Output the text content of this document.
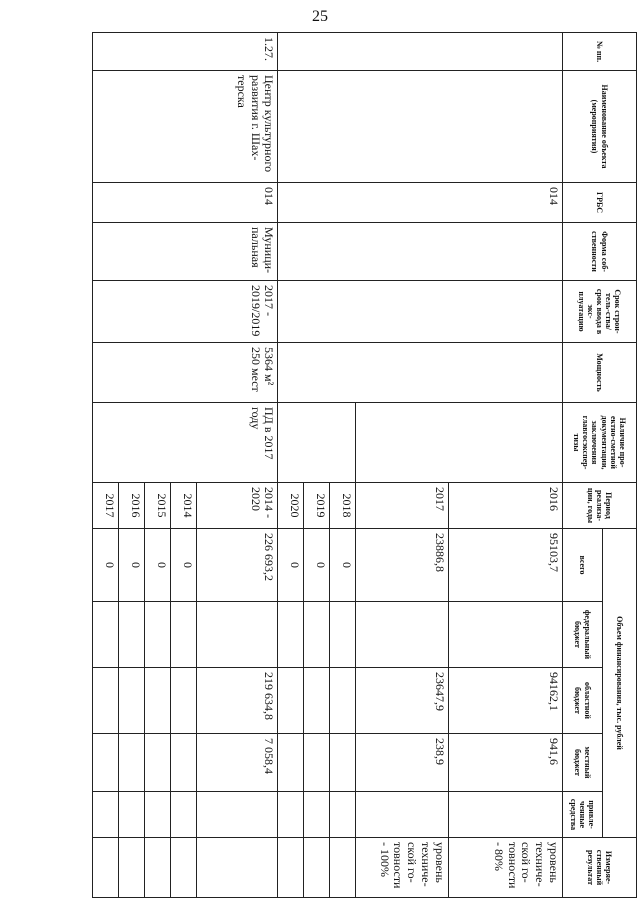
25
№ пп.	Наименование объекта (мероприятия)	ГРБС	Форма соб-ственности	Срок строи-тель-ства/срок ввода в экс-плуатацию	Мощность	Наличие про-ектно-сметной документации, заключения главгосэкспер-тизы	Период реализа-ции, годы	Объем финансирования, тыс. рублей					Измеряе-ственный результат
								всего	федеральный бюджет	областной бюджет	местный бюджет	привле-ченные средства	
		014					2016	95103,7		94162,1	941,6		уровень техниче-ской го-товности - 80%
							2017	23886,8		23647,9	238,9		уровень техниче-ской го-товности - 100%
							2018	0					
							2019	0					
							2020	0					
1.27.	Центр культурного развития г. Шах-терска	014	Муници-пальная	2017 - 2019/2019	5364 м² 250 мест	ПД в 2017 году	2014 - 2020	226 693,2		219 634,8	7 058,4		
							2014	0					
							2015	0					
							2016	0					
							2017	0					
